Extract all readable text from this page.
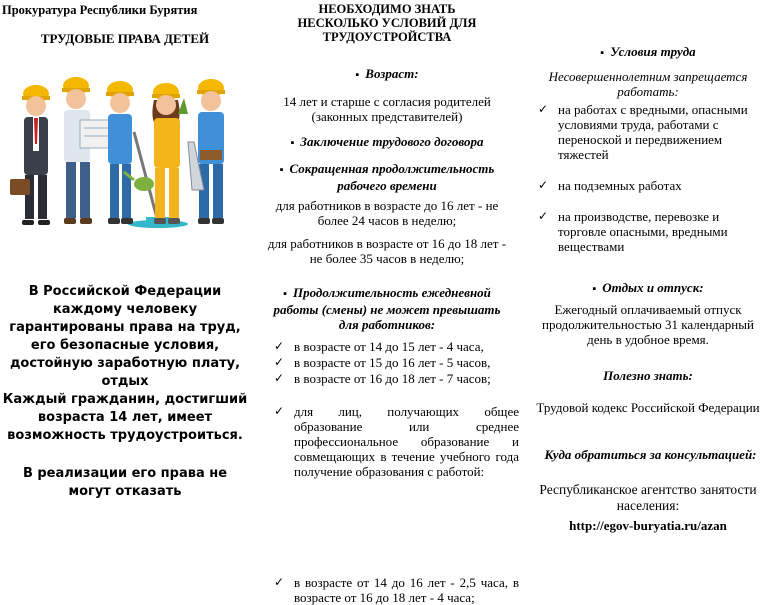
Прокуратура Республики Бурятия
ТРУДОВЫЕ ПРАВА ДЕТЕЙ
В Российской Федерации каждому человеку гарантированы права на труд, его безопасные условия, достойную заработную плату, отдых
Каждый гражданин, достигший возраста 14 лет, имеет возможность трудоустроиться.
В реализации его права не могут отказать
НЕОБХОДИМО ЗНАТЬ
НЕСКОЛЬКО УСЛОВИЙ ДЛЯ
ТРУДОУСТРОЙСТВА
▪ Возраст:
14 лет и старше с согласия родителей (законных представителей)
▪ Заключение трудового договора
▪ Сокращенная продолжительность рабочего времени
для работников в возрасте до 16 лет - не более 24 часов в неделю;
для работников в возрасте от 16 до 18 лет - не более 35 часов в неделю;
▪ Продолжительность ежедневной работы (смены) не может превышать для работников:
✓ в возрасте от 14 до 15 лет - 4 часа,
✓ в возрасте от 15 до 16 лет - 5 часов,
✓ в возрасте от 16 до 18 лет - 7 часов;
✓ для лиц, получающих общее образование или среднее профессиональное образование и совмещающих в течение учебного года получение образования с работой:
✓ в возрасте от 14 до 16 лет - 2,5 часа, в возрасте от 16 до 18 лет - 4 часа;
▪ Условия труда
Несовершеннолетним запрещается работать:
✓ на работах с вредными, опасными условиями труда, работами с переноской и передвижением тяжестей
✓ на подземных работах
✓ на производстве, перевозке и торговле опасными, вредными веществами
▪ Отдых и отпуск:
Ежегодный оплачиваемый отпуск продолжительностью 31 календарный день в удобное время.
Полезно знать:
Трудовой кодекс Российской Федерации
Куда обратиться за консультацией:
Республиканское агентство занятости населения:
http://egov-buryatia.ru/azan
